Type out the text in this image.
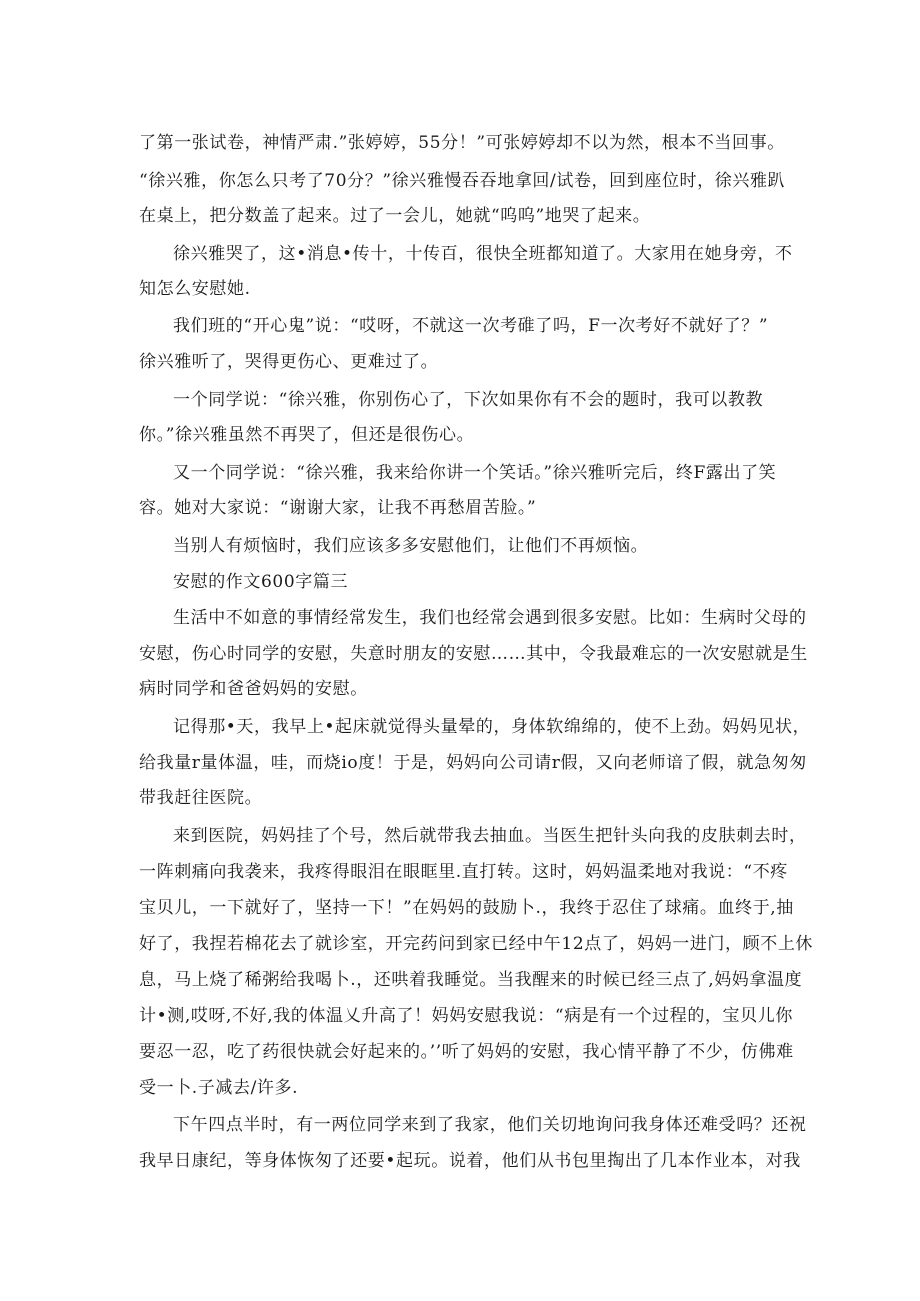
了第一张试卷，神情严肃.”张婷婷，55分！”可张婷婷却不以为然，根本不当回事。
“徐兴雅，你怎么只考了70分？”徐兴雅慢吞吞地拿回/试卷，回到座位时，徐兴雅趴
在桌上，把分数盖了起来。过了一会儿，她就“呜呜”地哭了起来。
徐兴雅哭了，这•消息•传十，十传百，很快全班都知道了。大家用在她身旁，不
知怎么安慰她.
我们班的“开心鬼”说：“哎呀，不就这一次考碓了吗，F一次考好不就好了？”
徐兴雅听了，哭得更伤心、更难过了。
一个同学说：“徐兴雅，你别伤心了，下次如果你有不会的题时，我可以教教
你。”徐兴雅虽然不再哭了，但还是很伤心。
又一个同学说：“徐兴雅，我来给你讲一个笑话。”徐兴雅听完后，终F露出了笑
容。她对大家说：“谢谢大家，让我不再愁眉苦脸。”
当别人有烦恼时，我们应该多多安慰他们，让他们不再烦恼。
安慰的作文600字篇三
生活中不如意的事情经常发生，我们也经常会遇到很多安慰。比如：生病时父母的
安慰，伤心时同学的安慰，失意时朋友的安慰……其中，令我最难忘的一次安慰就是生
病时同学和爸爸妈妈的安慰。
记得那•天，我早上•起床就觉得头量晕的，身体软绵绵的，使不上劲。妈妈见状，
给我量r量体温，哇，而烧io度！于是，妈妈向公司请r假，又向老师谙了假，就急匆匆
带我赶往医院。
来到医院，妈妈挂了个号，然后就带我去抽血。当医生把针头向我的皮肤刺去时，
一阵刺痛向我袭来，我疼得眼泪在眼眶里.直打转。这时，妈妈温柔地对我说：“不疼
宝贝儿，一下就好了，坚持一下！”在妈妈的鼓励卜.，我终于忍住了球痛。血终于,抽
好了，我捏若棉花去了就诊室，开完药问到家已经中午12点了，妈妈一进门，顾不上休
息，马上烧了稀粥给我喝卜.，还哄着我睡觉。当我醒来的时候已经三点了,妈妈拿温度
计•测,哎呀,不好,我的体温乂升高了！妈妈安慰我说：“病是有一个过程的，宝贝儿你
要忍一忍，吃了药很快就会好起来的。’’听了妈妈的安慰，我心情平静了不少，仿佛难
受一卜.子减去/许多.
下午四点半时，有一两位同学来到了我家，他们关切地询问我身体还难受吗？还祝
我早日康纪，等身体恢匆了还要•起玩。说着，他们从书包里掏出了几本作业本，对我
